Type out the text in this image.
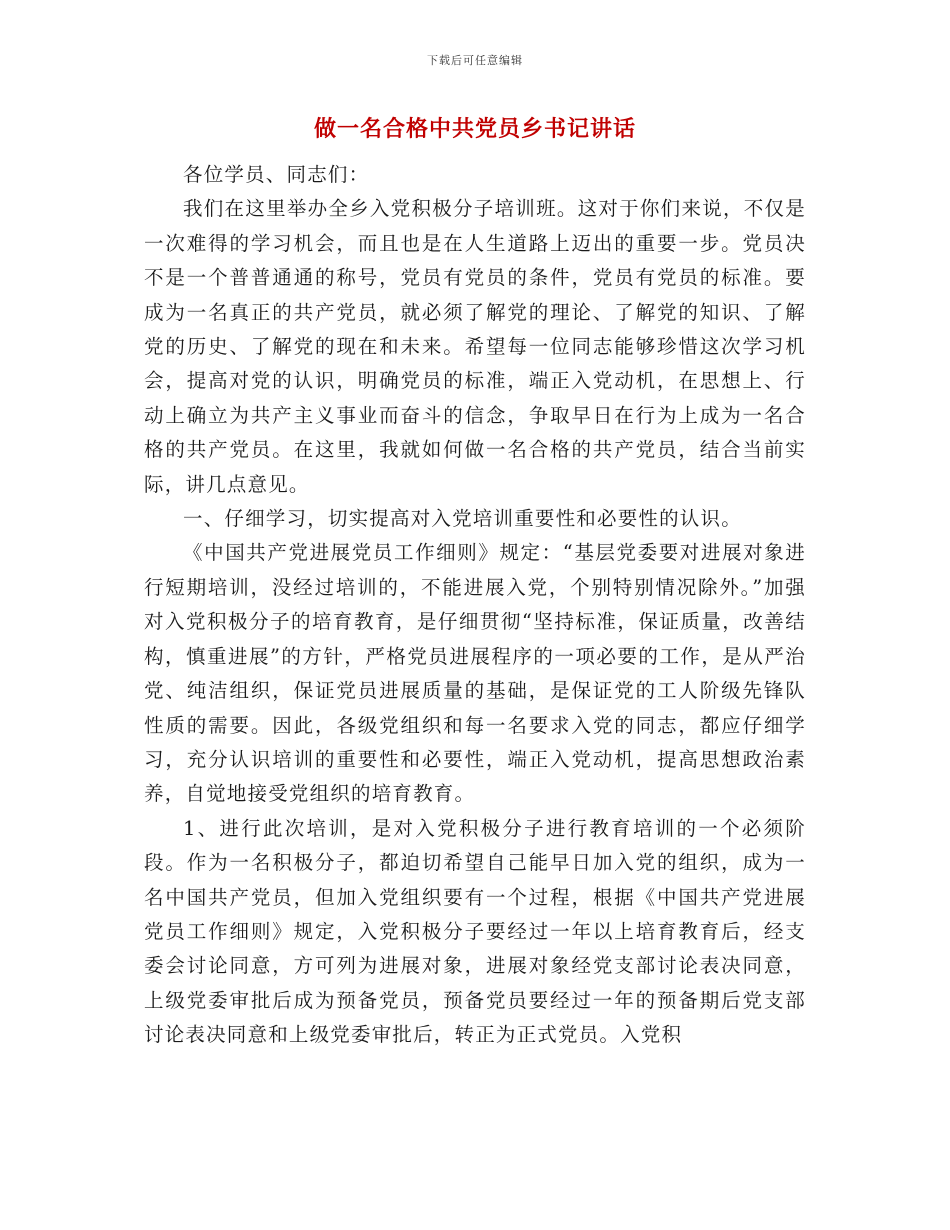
下载后可任意编辑
做一名合格中共党员乡书记讲话

各位学员、同志们：

我们在这里举办全乡入党积极分子培训班。这对于你们来说，不仅是一次难得的学习机会，而且也是在人生道路上迈出的重要一步。党员决不是一个普普通通的称号，党员有党员的条件，党员有党员的标准。要成为一名真正的共产党员，就必须了解党的理论、了解党的知识、了解党的历史、了解党的现在和未来。希望每一位同志能够珍惜这次学习机会，提高对党的认识，明确党员的标准，端正入党动机，在思想上、行动上确立为共产主义事业而奋斗的信念，争取早日在行为上成为一名合格的共产党员。在这里，我就如何做一名合格的共产党员，结合当前实际，讲几点意见。

一、仔细学习，切实提高对入党培训重要性和必要性的认识。

《中国共产党进展党员工作细则》规定：“基层党委要对进展对象进行短期培训，没经过培训的，不能进展入党，个别特别情况除外。”加强对入党积极分子的培育教育，是仔细贯彻“坚持标准，保证质量，改善结构，慎重进展”的方针，严格党员进展程序的一项必要的工作，是从严治党、纯洁组织，保证党员进展质量的基础，是保证党的工人阶级先锋队性质的需要。因此，各级党组织和每一名要求入党的同志，都应仔细学习，充分认识培训的重要性和必要性，端正入党动机，提高思想政治素养，自觉地接受党组织的培育教育。

1、进行此次培训，是对入党积极分子进行教育培训的一个必须阶段。作为一名积极分子，都迫切希望自己能早日加入党的组织，成为一名中国共产党员，但加入党组织要有一个过程，根据《中国共产党进展党员工作细则》规定，入党积极分子要经过一年以上培育教育后，经支委会讨论同意，方可列为进展对象，进展对象经党支部讨论表决同意，上级党委审批后成为预备党员，预备党员要经过一年的预备期后党支部讨论表决同意和上级党委审批后，转正为正式党员。入党积
